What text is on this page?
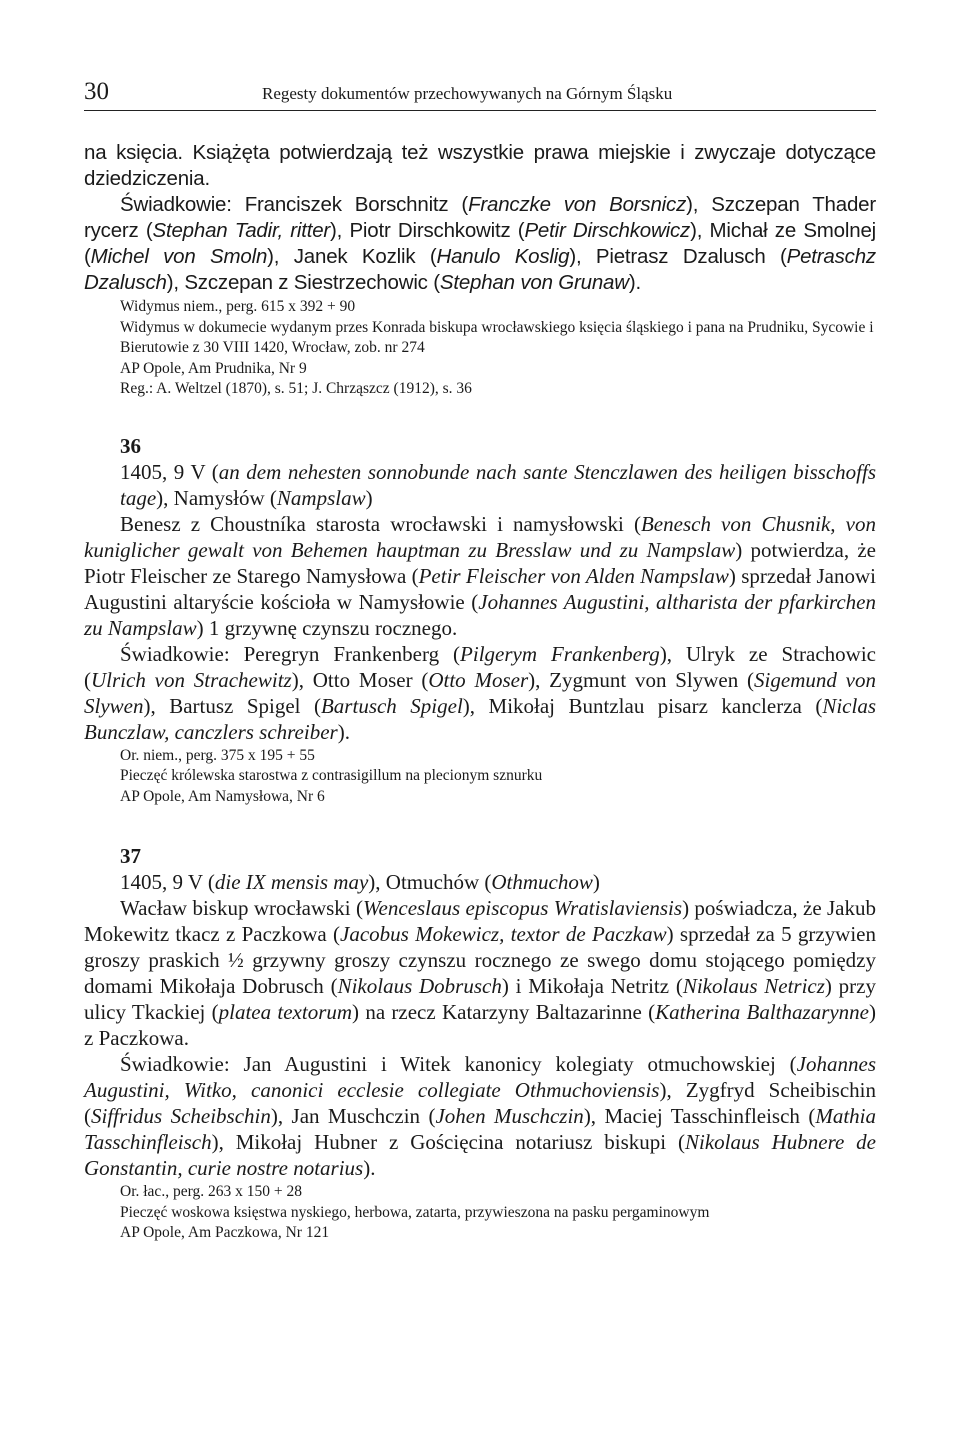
30	Regesty dokumentów przechowywanych na Górnym Śląsku

na księcia. Książęta potwierdzają też wszystkie prawa miejskie i zwyczaje dotyczące dziedziczenia.

Świadkowie: Franciszek Borschnitz (Franczke von Borsnicz), Szczepan Thader rycerz (Stephan Tadir, ritter), Piotr Dirschkowitz (Petir Dirschkowicz), Michał ze Smolnej (Michel von Smoln), Janek Kozlik (Hanulo Koslig), Pietrasz Dzalusch (Petraschz Dzalusch), Szczepan z Siestrzechowic (Stephan von Grunaw).

Widymus niem., perg. 615 x 392 + 90

Widymus w dokumecie wydanym przes Konrada biskupa wrocławskiego księcia śląskiego i pana na Prudniku, Sycowie i Bierutowie z 30 VIII 1420, Wrocław, zob. nr 274

AP Opole, Am Prudnika, Nr 9

Reg.: A. Weltzel (1870), s. 51; J. Chrząszcz (1912), s. 36

36

1405, 9 V (an dem nehesten sonnobunde nach sante Stenczlawen des heiligen bisschoffs tage), Namysłów (Nampslaw)

Benesz z Choustníka starosta wrocławski i namysłowski (Benesch von Chusnik, von kuniglicher gewalt von Behemen hauptman zu Bresslaw und zu Nampslaw) potwierdza, że Piotr Fleischer ze Starego Namysłowa (Petir Fleischer von Alden Nampslaw) sprzedał Janowi Augustini altaryście kościoła w Namysłowie (Johannes Augustini, altharista der pfarkirchen zu Nampslaw) 1 grzywnę czynszu rocznego.

Świadkowie: Peregryn Frankenberg (Pilgerym Frankenberg), Ulryk ze Strachowic (Ulrich von Strachewitz), Otto Moser (Otto Moser), Zygmunt von Slywen (Sigemund von Slywen), Bartusz Spigel (Bartusch Spigel), Mikołaj Buntzlau pisarz kanclerza (Niclas Bunczlaw, canczlers schreiber).

Or. niem., perg. 375 x 195 + 55

Pieczęć królewska starostwa z contrasigillum na plecionym sznurku

AP Opole, Am Namysłowa, Nr 6

37

1405, 9 V (die IX mensis may), Otmuchów (Othmuchow)

Wacław biskup wrocławski (Wenceslaus episcopus Wratislaviensis) poświadcza, że Jakub Mokewitz tkacz z Paczkowa (Jacobus Mokewicz, textor de Paczkaw) sprzedał za 5 grzywien groszy praskich ½ grzywny groszy czynszu rocznego ze swego domu stojącego pomiędzy domami Mikołaja Dobrusch (Nikolaus Dobrusch) i Mikołaja Netritz (Nikolaus Netricz) przy ulicy Tkackiej (platea textorum) na rzecz Katarzyny Baltazarinne (Katherina Balthazarynne) z Paczkowa.

Świadkowie: Jan Augustini i Witek kanonicy kolegiaty otmuchowskiej (Johannes Augustini, Witko, canonici ecclesie collegiate Othmuchoviensis), Zygfryd Scheibischin (Siffridus Scheibschin), Jan Muschczin (Johen Muschczin), Maciej Tasschinfleisch (Mathia Tasschinfleisch), Mikołaj Hubner z Gościęcina notariusz biskupi (Nikolaus Hubnere de Gonstantin, curie nostre notarius).

Or. łac., perg. 263 x 150 + 28

Pieczęć woskowa księstwa nyskiego, herbowa, zatarta, przywieszona na pasku pergaminowym

AP Opole, Am Paczkowa, Nr 121
